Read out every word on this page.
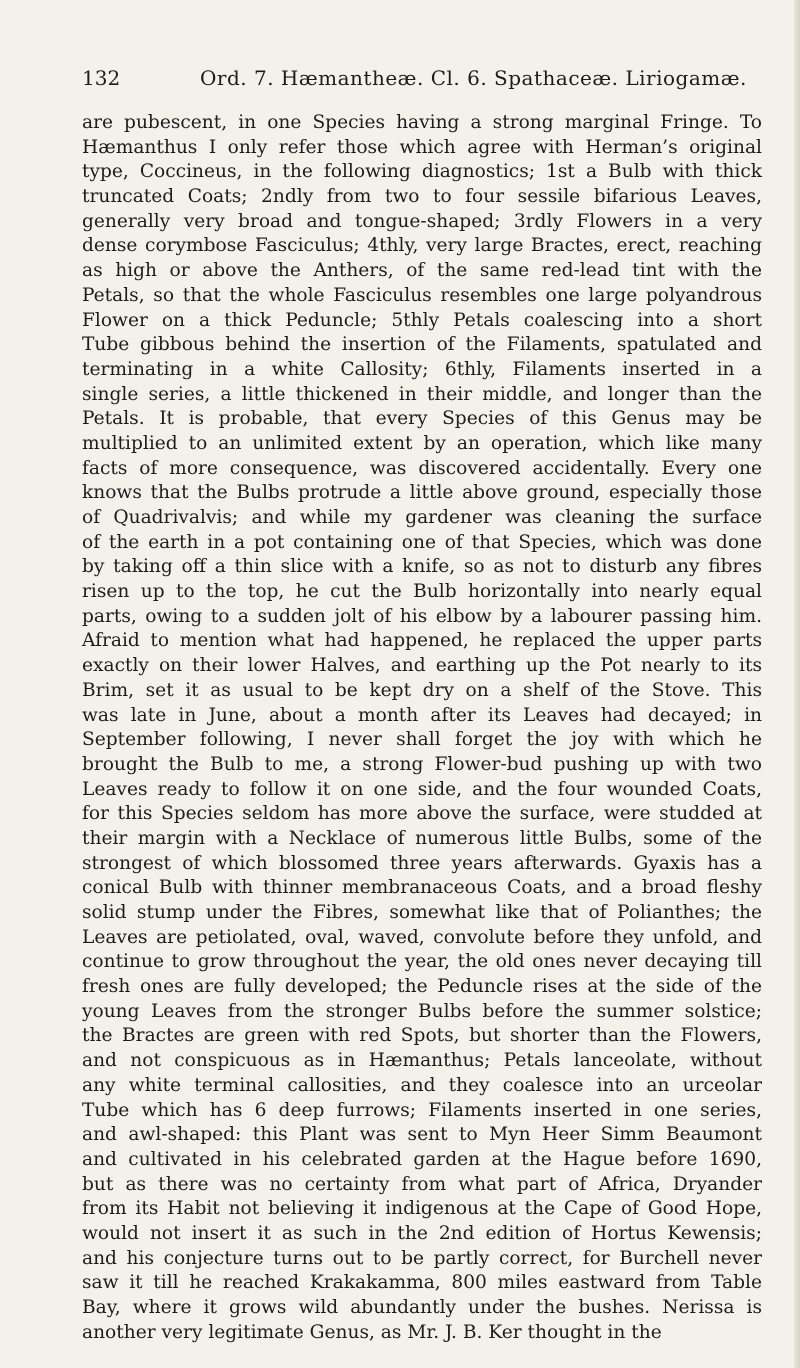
132	Ord. 7. Hæmantheæ. Cl. 6. Spathaceæ. Liriogamæ.
are pubescent, in one Species having a strong marginal Fringe. To
Hæmanthus I only refer those which agree with Herman’s original
type, Coccineus, in the following diagnostics; 1st a Bulb with thick
truncated Coats; 2ndly from two to four sessile bifarious Leaves,
generally very broad and tongue-shaped; 3rdly Flowers in a very
dense corymbose Fasciculus; 4thly, very large Bractes, erect, reaching
as high or above the Anthers, of the same red-lead tint with the
Petals, so that the whole Fasciculus resembles one large polyandrous
Flower on a thick Peduncle; 5thly Petals coalescing into a short
Tube gibbous behind the insertion of the Filaments, spatulated and
terminating in a white Callosity; 6thly, Filaments inserted in a
single series, a little thickened in their middle, and longer than the
Petals. It is probable, that every Species of this Genus may be
multiplied to an unlimited extent by an operation, which like many
facts of more consequence, was discovered accidentally. Every one
knows that the Bulbs protrude a little above ground, especially those
of Quadrivalvis; and while my gardener was cleaning the surface
of the earth in a pot containing one of that Species, which was done
by taking off a thin slice with a knife, so as not to disturb any fibres
risen up to the top, he cut the Bulb horizontally into nearly equal
parts, owing to a sudden jolt of his elbow by a labourer passing him.
Afraid to mention what had happened, he replaced the upper parts
exactly on their lower Halves, and earthing up the Pot nearly to its
Brim, set it as usual to be kept dry on a shelf of the Stove. This
was late in June, about a month after its Leaves had decayed; in
September following, I never shall forget the joy with which he
brought the Bulb to me, a strong Flower-bud pushing up with two
Leaves ready to follow it on one side, and the four wounded Coats,
for this Species seldom has more above the surface, were studded at
their margin with a Necklace of numerous little Bulbs, some of the
strongest of which blossomed three years afterwards. Gyaxis has a
conical Bulb with thinner membranaceous Coats, and a broad fleshy
solid stump under the Fibres, somewhat like that of Polianthes; the
Leaves are petiolated, oval, waved, convolute before they unfold, and
continue to grow throughout the year, the old ones never decaying till
fresh ones are fully developed; the Peduncle rises at the side of the
young Leaves from the stronger Bulbs before the summer solstice;
the Bractes are green with red Spots, but shorter than the Flowers,
and not conspicuous as in Hæmanthus; Petals lanceolate, without
any white terminal callosities, and they coalesce into an urceolar
Tube which has 6 deep furrows; Filaments inserted in one series,
and awl-shaped: this Plant was sent to Myn Heer Simm Beaumont
and cultivated in his celebrated garden at the Hague before 1690,
but as there was no certainty from what part of Africa, Dryander
from its Habit not believing it indigenous at the Cape of Good Hope,
would not insert it as such in the 2nd edition of Hortus Kewensis;
and his conjecture turns out to be partly correct, for Burchell never
saw it till he reached Krakakamma, 800 miles eastward from Table
Bay, where it grows wild abundantly under the bushes. Nerissa is
another very legitimate Genus, as Mr. J. B. Ker thought in the
